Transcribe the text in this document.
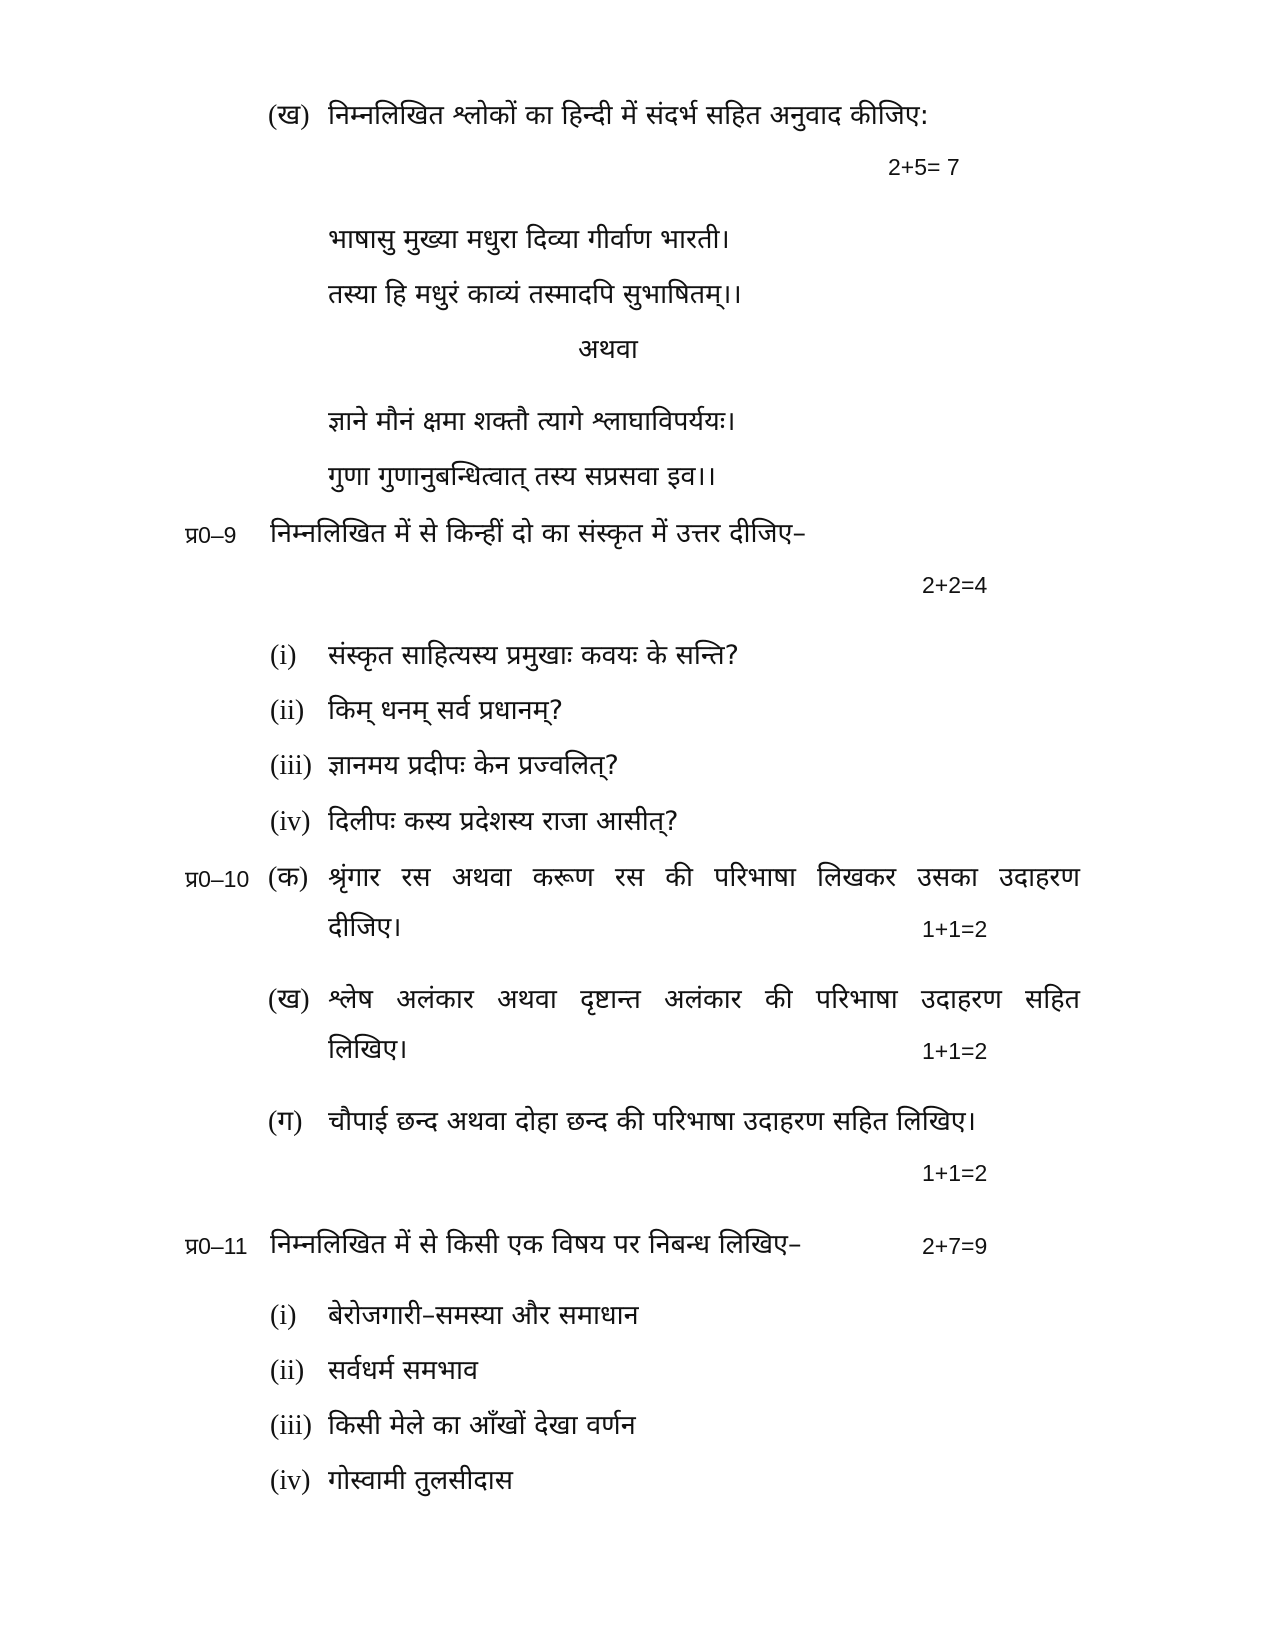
(ख) निम्नलिखित श्लोकों का हिन्दी में संदर्भ सहित अनुवाद कीजिए:
2+5= 7
भाषासु मुख्या मधुरा दिव्या गीर्वाण भारती।
तस्या हि मधुरं काव्यं तस्मादपि सुभाषितम्।।
अथवा
ज्ञाने मौनं क्षमा शक्तौ त्यागे श्लाघाविपर्ययः।
गुणा गुणानुबन्धित्वात् तस्य सप्रसवा इव।।
प्र0–9 निम्नलिखित में से किन्हीं दो का संस्कृत में उत्तर दीजिए–
2+2=4
(i) संस्कृत साहित्यस्य प्रमुखाः कवयः के सन्ति?
(ii) किम् धनम् सर्व प्रधानम्?
(iii) ज्ञानमय प्रदीपः केन प्रज्वलित्?
(iv) दिलीपः कस्य प्रदेशस्य राजा आसीत्?
प्र0–10 (क) श्रृंगार रस अथवा करूण रस की परिभाषा लिखकर उसका उदाहरण
दीजिए।	1+1=2
(ख) श्लेष अलंकार अथवा दृष्टान्त अलंकार की परिभाषा उदाहरण सहित
लिखिए।	1+1=2
(ग) चौपाई छन्द अथवा दोहा छन्द की परिभाषा उदाहरण सहित लिखिए।
1+1=2
प्र0–11 निम्नलिखित में से किसी एक विषय पर निबन्ध लिखिए–	2+7=9
(i) बेरोजगारी–समस्या और समाधान
(ii) सर्वधर्म समभाव
(iii) किसी मेले का आँखों देखा वर्णन
(iv) गोस्वामी तुलसीदास
